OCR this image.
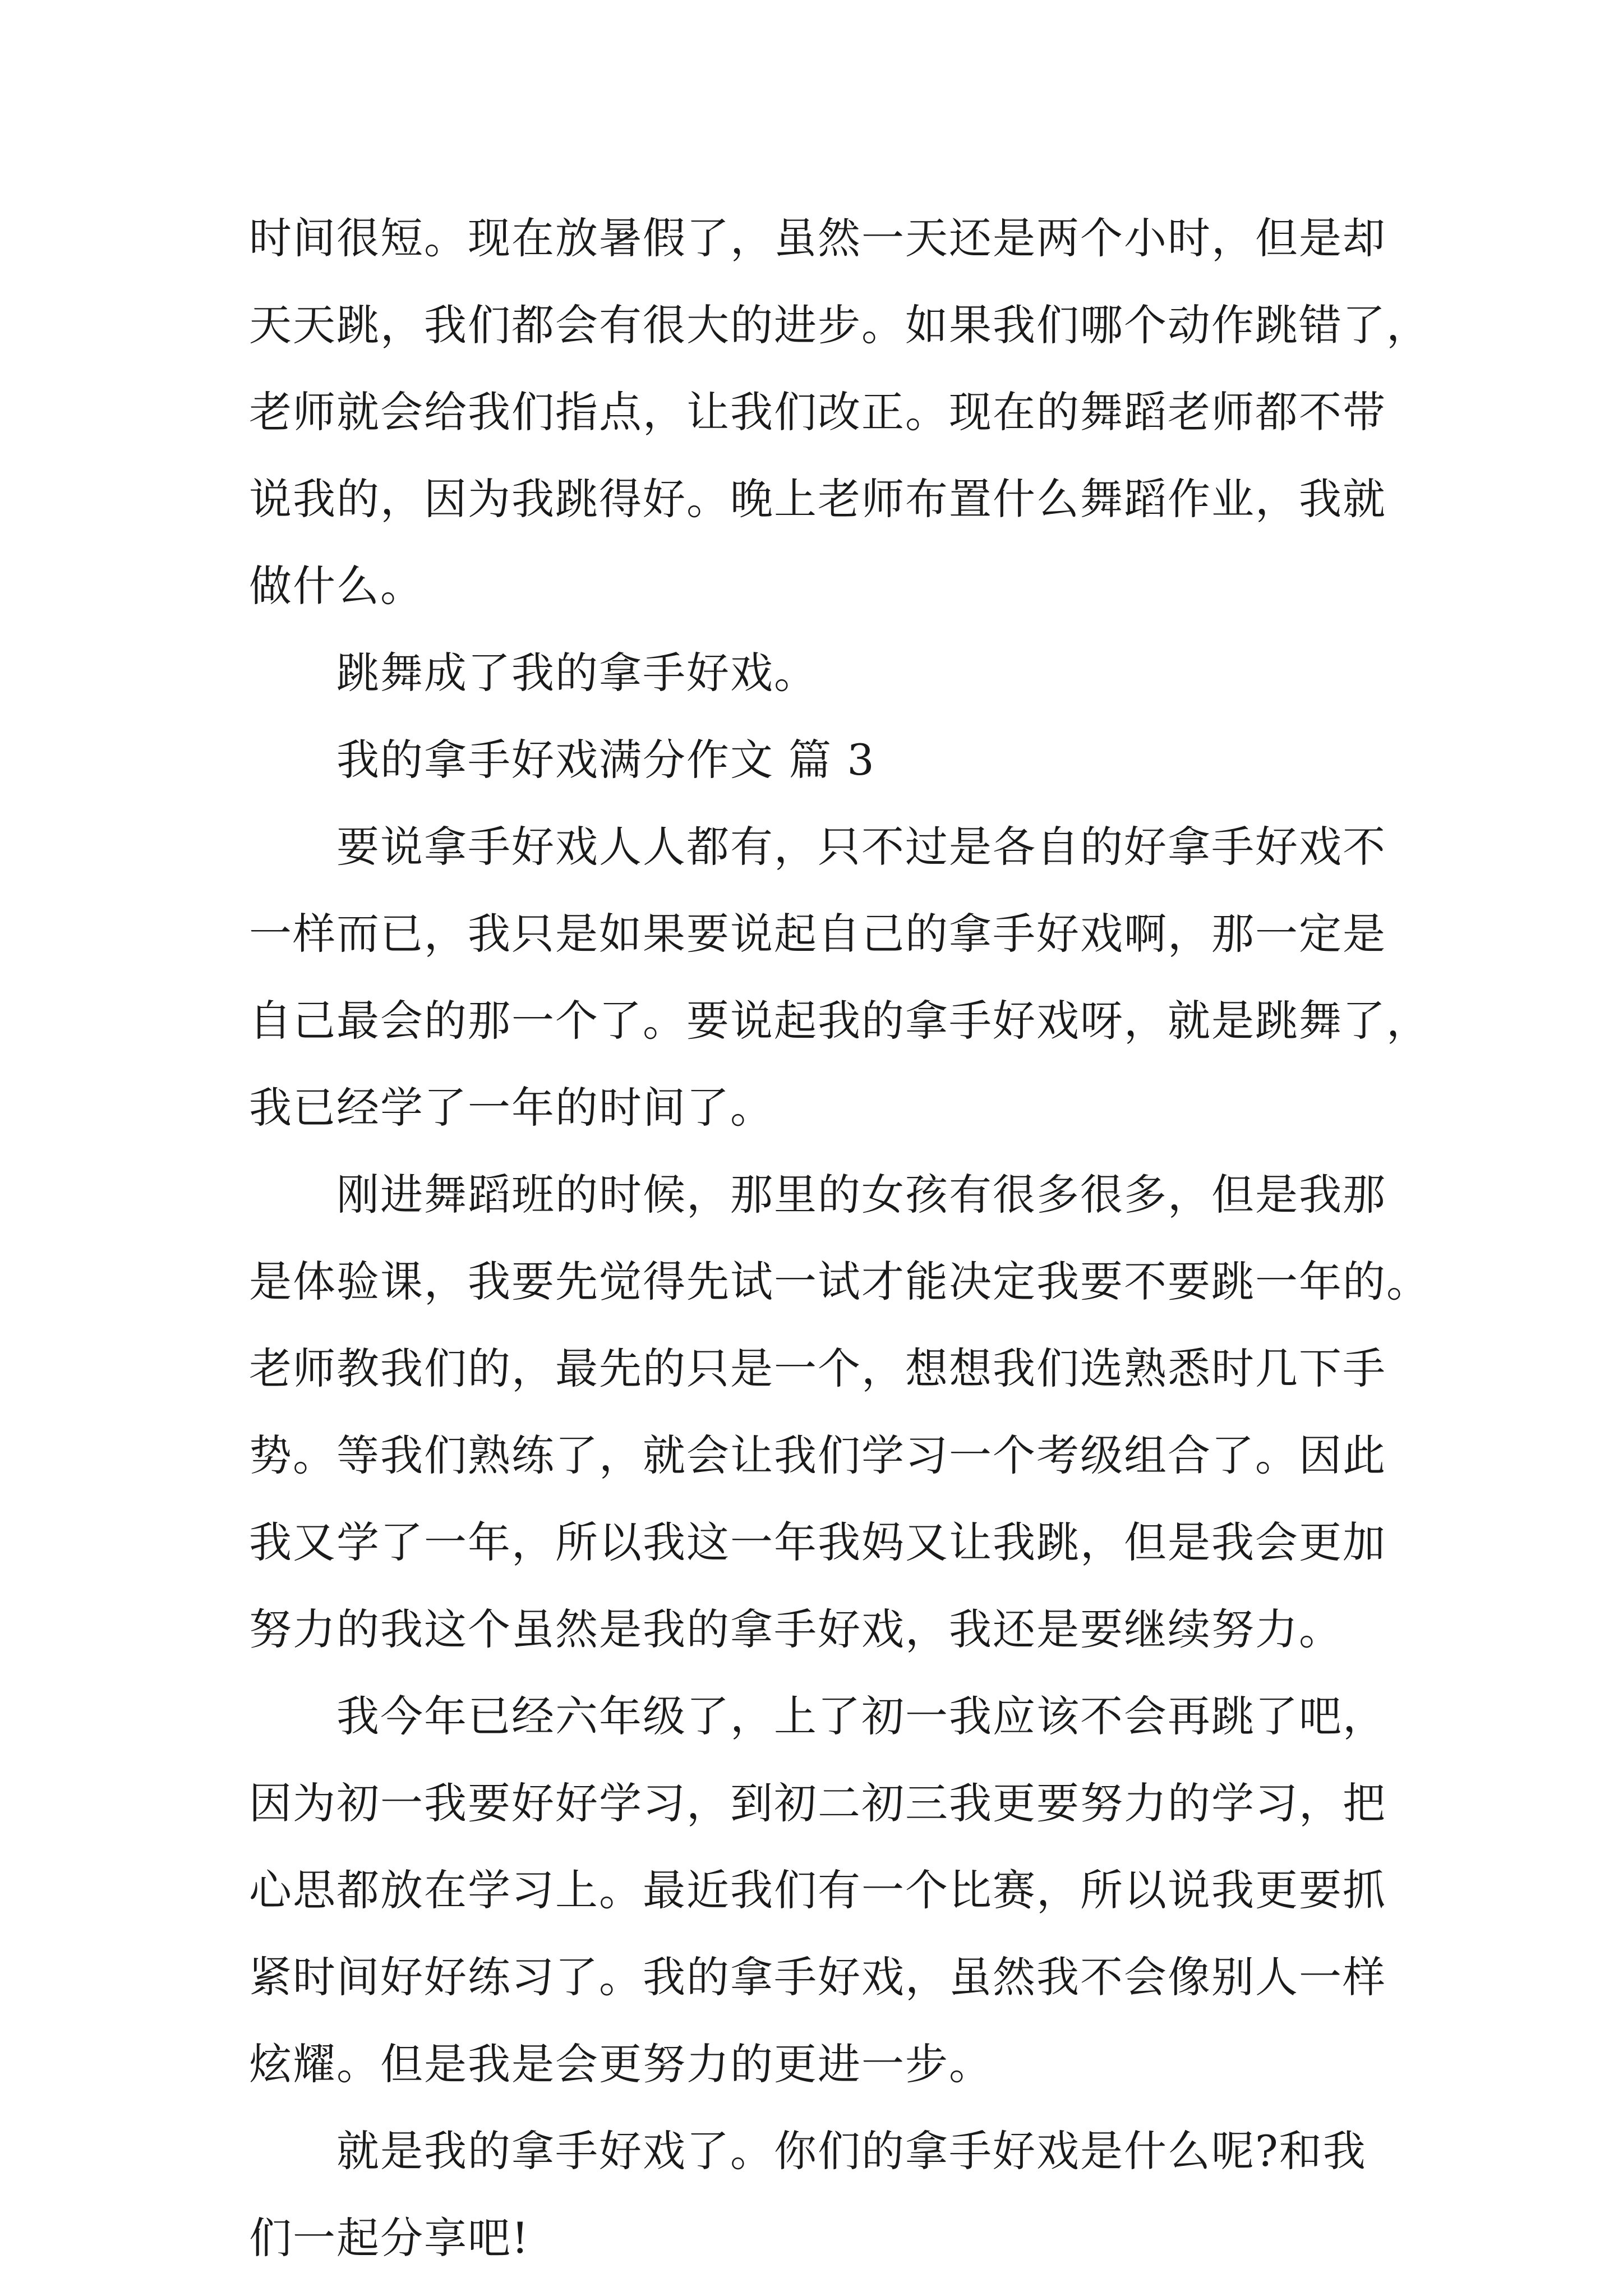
时间很短。现在放暑假了，虽然一天还是两个小时，但是却
天天跳，我们都会有很大的进步。如果我们哪个动作跳错了，
老师就会给我们指点，让我们改正。现在的舞蹈老师都不带
说我的，因为我跳得好。晚上老师布置什么舞蹈作业，我就
做什么。
跳舞成了我的拿手好戏。
我的拿手好戏满分作文 篇 3
要说拿手好戏人人都有，只不过是各自的好拿手好戏不
一样而已，我只是如果要说起自己的拿手好戏啊，那一定是
自己最会的那一个了。要说起我的拿手好戏呀，就是跳舞了，
我已经学了一年的时间了。
刚进舞蹈班的时候，那里的女孩有很多很多，但是我那
是体验课，我要先觉得先试一试才能决定我要不要跳一年的。
老师教我们的，最先的只是一个，想想我们选熟悉时几下手
势。等我们熟练了，就会让我们学习一个考级组合了。因此
我又学了一年，所以我这一年我妈又让我跳，但是我会更加
努力的我这个虽然是我的拿手好戏，我还是要继续努力。
我今年已经六年级了，上了初一我应该不会再跳了吧，
因为初一我要好好学习，到初二初三我更要努力的学习，把
心思都放在学习上。最近我们有一个比赛，所以说我更要抓
紧时间好好练习了。我的拿手好戏，虽然我不会像别人一样
炫耀。但是我是会更努力的更进一步。
就是我的拿手好戏了。你们的拿手好戏是什么呢?和我
们一起分享吧!
